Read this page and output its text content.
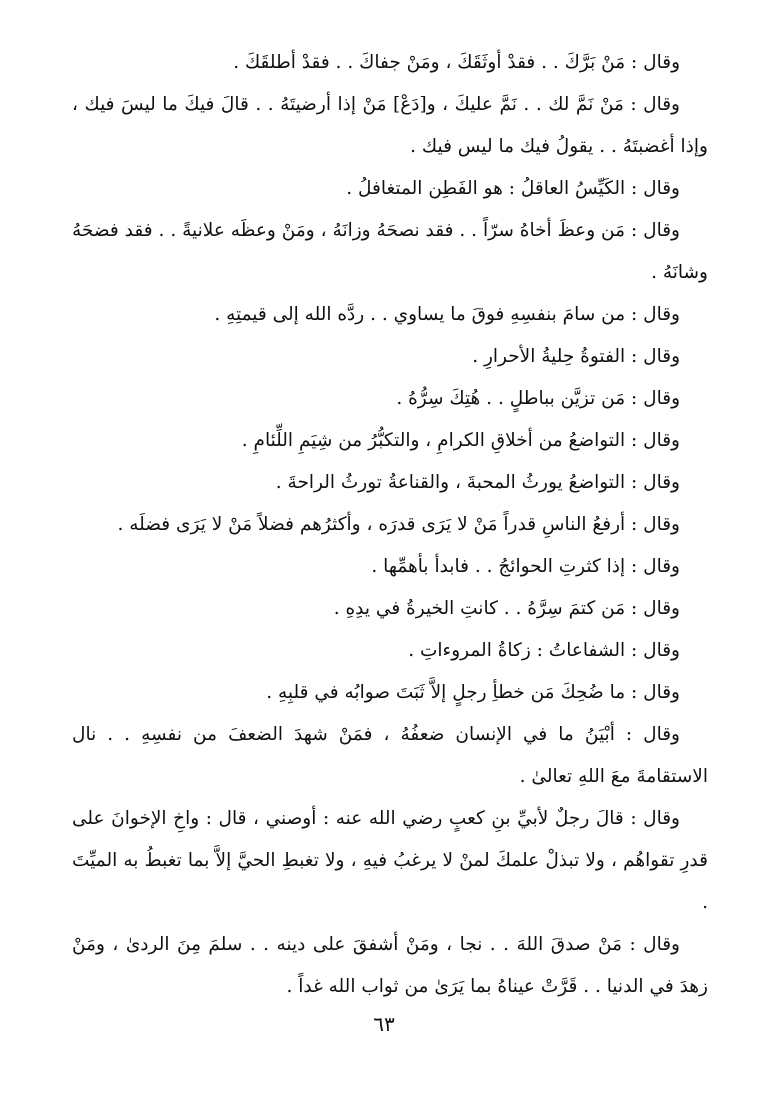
وقال : مَنْ بَرَّكَ . . فقدْ أوثَقَكَ ، ومَنْ جفاكَ . . فقدْ أطلقَكَ .

وقال : مَنْ نَمَّ لك . . نَمَّ عليكَ ، و[دَعْ] مَنْ إذا أرضيتَهُ . . قالَ فيكَ ما ليسَ فيك ، وإذا أغضبتَهُ . . يقولُ فيك ما ليس فيك .

وقال : الكَيِّسُ العاقلُ : هو الفَطِن المتغافلُ .

وقال : مَن وعظَ أخاهُ سرّاً . . فقد نصحَهُ وزانَهُ ، ومَنْ وعظَه علانيةً . . فقد فضحَهُ وشانَهُ .

وقال : من سامَ بنفسِهِ فوقَ ما يساوي . . ردَّه الله إلى قيمتِهِ .

وقال : الفتوةُ حِليةُ الأحرارِ .

وقال : مَن تزيَّن بباطلٍ . . هُتِكَ سِرُّهُ .

وقال : التواضعُ من أخلاقِ الكرامِ ، والتكبُّرُ من شِيَمِ اللِّئامِ .

وقال : التواضعُ يورثُ المحبةَ ، والقناعةُ تورثُ الراحةَ .

وقال : أرفعُ الناسِ قدراً مَنْ لا يَرَى قدرَه ، وأكثرُهم فضلاً مَنْ لا يَرَى فضلَه .

وقال : إذا كثرتِ الحوائجُ . . فابدأ بأهمِّها .

وقال : مَن كتمَ سِرَّهُ . . كانتِ الخيرةُ في يدِهِ .

وقال : الشفاعاتُ : زكاةُ المروءاتِ .

وقال : ما ضُحِكَ مَن خطأِ رجلٍ إلاَّ ثَبَتَ صوابُه في قلبِهِ .

وقال : أبْيَنُ ما في الإنسان ضعفُهُ ، فمَنْ شهدَ الضعفَ من نفسِهِ . . نال الاستقامةَ معَ اللهِ تعالىٰ .

وقال : قالَ رجلٌ لأبيِّ بنِ كعبٍ رضي الله عنه : أوصني ، قال : واخِ الإخوانَ على قدرِ تقواهُم ، ولا تبذلْ علمكَ لمنْ لا يرغبُ فيهِ ، ولا تغبطِ الحيَّ إلاَّ بما تغبطُ به الميِّتَ .

وقال : مَنْ صدقَ اللهَ . . نجا ، ومَنْ أشفقَ على دينه . . سلمَ مِنَ الردىٰ ، ومَنْ زهدَ في الدنيا . . قَرَّتْ عيناهُ بما يَرَىٰ من ثواب الله غداً .

٦٣
